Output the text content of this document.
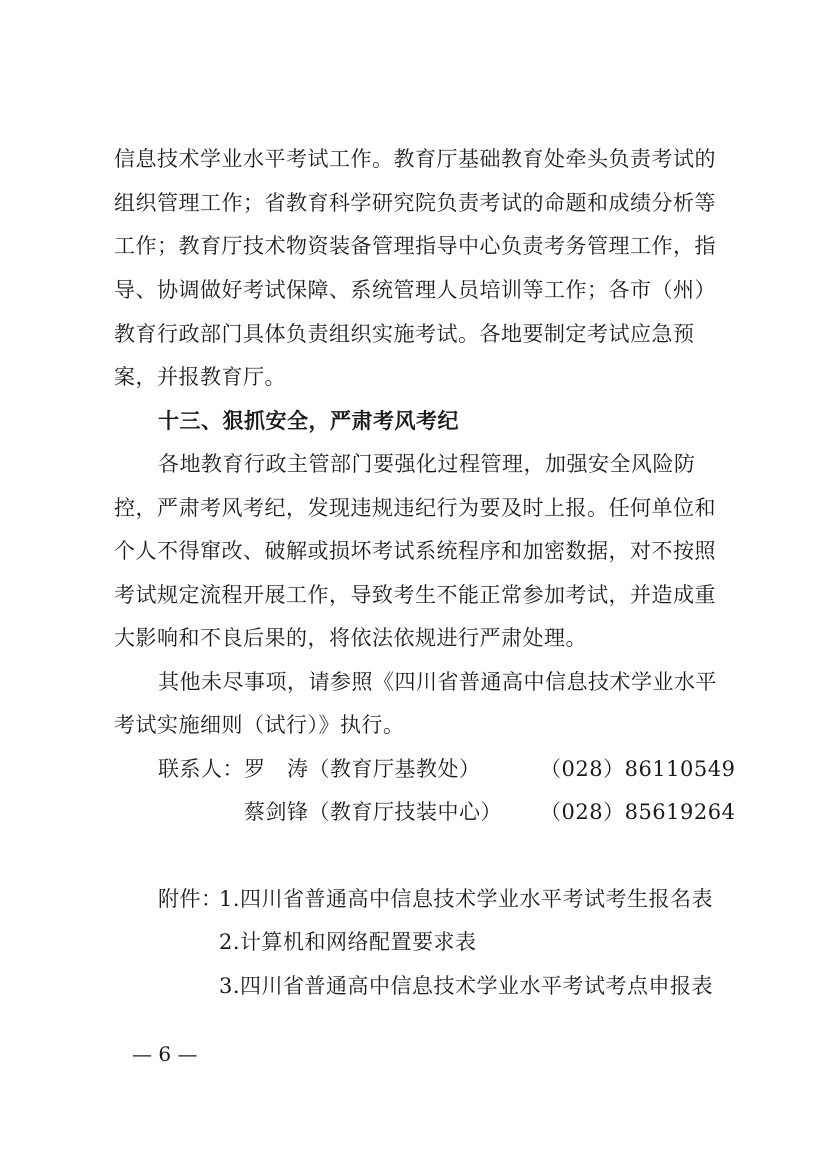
信息技术学业水平考试工作。教育厅基础教育处牵头负责考试的

组织管理工作；省教育科学研究院负责考试的命题和成绩分析等

工作；教育厅技术物资装备管理指导中心负责考务管理工作，指

导、协调做好考试保障、系统管理人员培训等工作；各市（州）

教育行政部门具体负责组织实施考试。各地要制定考试应急预

案，并报教育厅。

十三、狠抓安全，严肃考风考纪

各地教育行政主管部门要强化过程管理，加强安全风险防

控，严肃考风考纪，发现违规违纪行为要及时上报。任何单位和

个人不得窜改、破解或损坏考试系统程序和加密数据，对不按照

考试规定流程开展工作，导致考生不能正常参加考试，并造成重

大影响和不良后果的，将依法依规进行严肃处理。

其他未尽事项，请参照《四川省普通高中信息技术学业水平

考试实施细则（试行）》执行。

联系人： 罗　涛（教育厅基教处）	（028）86110549

蔡剑锋（教育厅技装中心）	（028）85619264

附件：

1.四川省普通高中信息技术学业水平考试考生报名表

2.计算机和网络配置要求表

3.四川省普通高中信息技术学业水平考试考点申报表

— 6 —
